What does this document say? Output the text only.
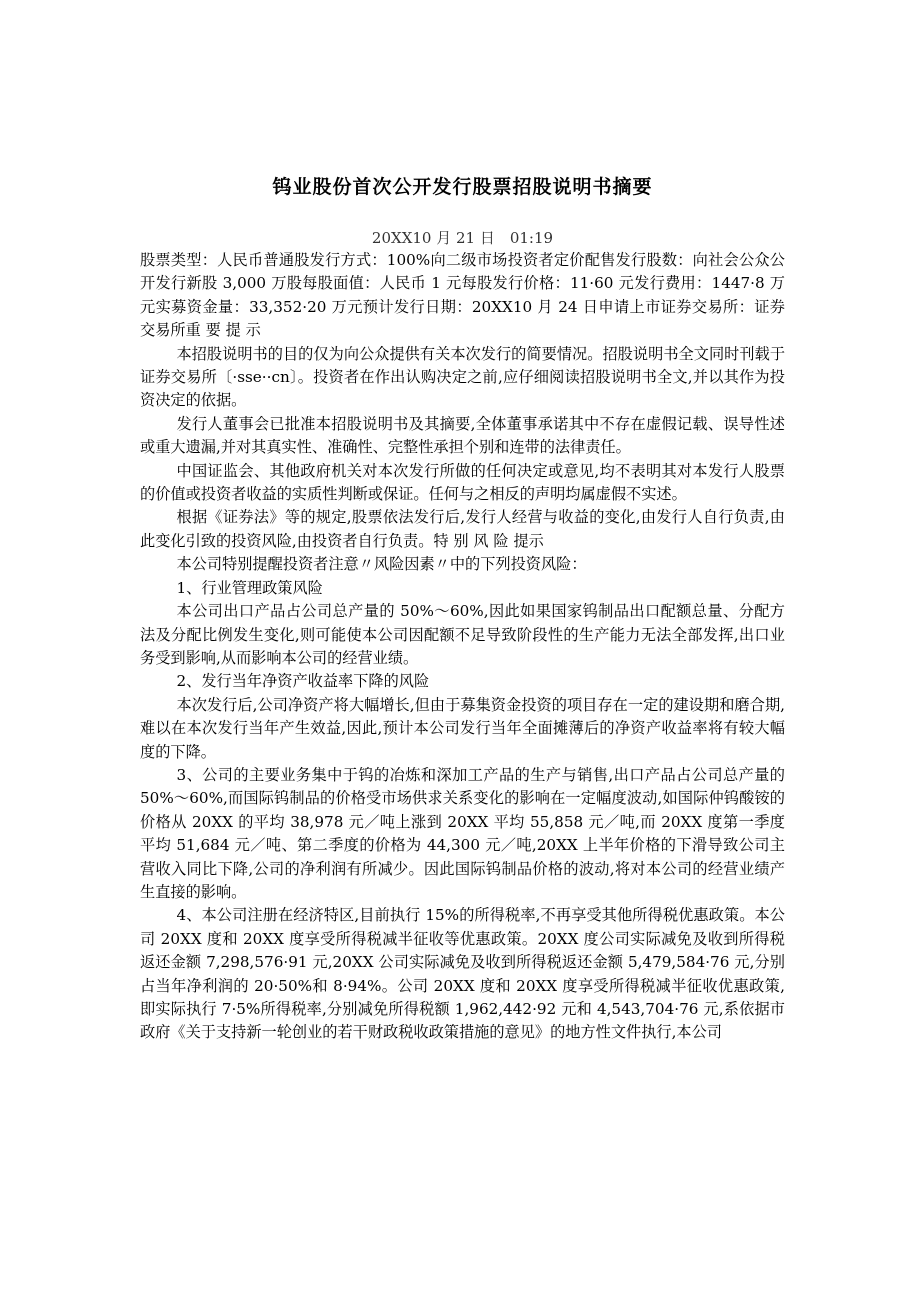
钨业股份首次公开发行股票招股说明书摘要
20XX10 月 21 日　01:19

股票类型：人民币普通股发行方式：100%向二级市场投资者定价配售发行股数：向社会公众公开发行新股 3,000 万股每股面值：人民币 1 元每股发行价格：11·60 元发行费用：1447·8 万元实募资金量：33,352·20 万元预计发行日期：20XX10 月 24 日申请上市证券交易所：证券交易所重 要 提 示

本招股说明书的目的仅为向公众提供有关本次发行的简要情况。招股说明书全文同时刊载于证券交易所〔·sse··cn〕。投资者在作出认购决定之前,应仔细阅读招股说明书全文,并以其作为投资决定的依据。

发行人董事会已批准本招股说明书及其摘要,全体董事承诺其中不存在虚假记载、误导性述或重大遗漏,并对其真实性、准确性、完整性承担个别和连带的法律责任。

中国证监会、其他政府机关对本次发行所做的任何决定或意见,均不表明其对本发行人股票的价值或投资者收益的实质性判断或保证。任何与之相反的声明均属虚假不实述。

根据《证券法》等的规定,股票依法发行后,发行人经营与收益的变化,由发行人自行负责,由此变化引致的投资风险,由投资者自行负责。特 别 风 险 提示

本公司特别提醒投资者注意〃风险因素〃中的下列投资风险：

1、行业管理政策风险

本公司出口产品占公司总产量的 50%～60%,因此如果国家钨制品出口配额总量、分配方法及分配比例发生变化,则可能使本公司因配额不足导致阶段性的生产能力无法全部发挥,出口业务受到影响,从而影响本公司的经营业绩。

2、发行当年净资产收益率下降的风险

本次发行后,公司净资产将大幅增长,但由于募集资金投资的项目存在一定的建设期和磨合期,难以在本次发行当年产生效益,因此,预计本公司发行当年全面摊薄后的净资产收益率将有较大幅度的下降。

3、公司的主要业务集中于钨的冶炼和深加工产品的生产与销售,出口产品占公司总产量的 50%～60%,而国际钨制品的价格受市场供求关系变化的影响在一定幅度波动,如国际仲钨酸铵的价格从 20XX 的平均 38,978 元／吨上涨到 20XX 平均 55,858 元／吨,而 20XX 度第一季度平均 51,684 元／吨、第二季度的价格为 44,300 元／吨,20XX 上半年价格的下滑导致公司主营收入同比下降,公司的净利润有所减少。因此国际钨制品价格的波动,将对本公司的经营业绩产生直接的影响。

4、本公司注册在经济特区,目前执行 15%的所得税率,不再享受其他所得税优惠政策。本公司 20XX 度和 20XX 度享受所得税减半征收等优惠政策。20XX 度公司实际减免及收到所得税返还金额 7,298,576·91 元,20XX 公司实际减免及收到所得税返还金额 5,479,584·76 元,分别占当年净利润的 20·50%和 8·94%。公司 20XX 度和 20XX 度享受所得税减半征收优惠政策,即实际执行 7·5%所得税率,分别减免所得税额 1,962,442·92 元和 4,543,704·76 元,系依据市政府《关于支持新一轮创业的若干财政税收政策措施的意见》的地方性文件执行,本公司
